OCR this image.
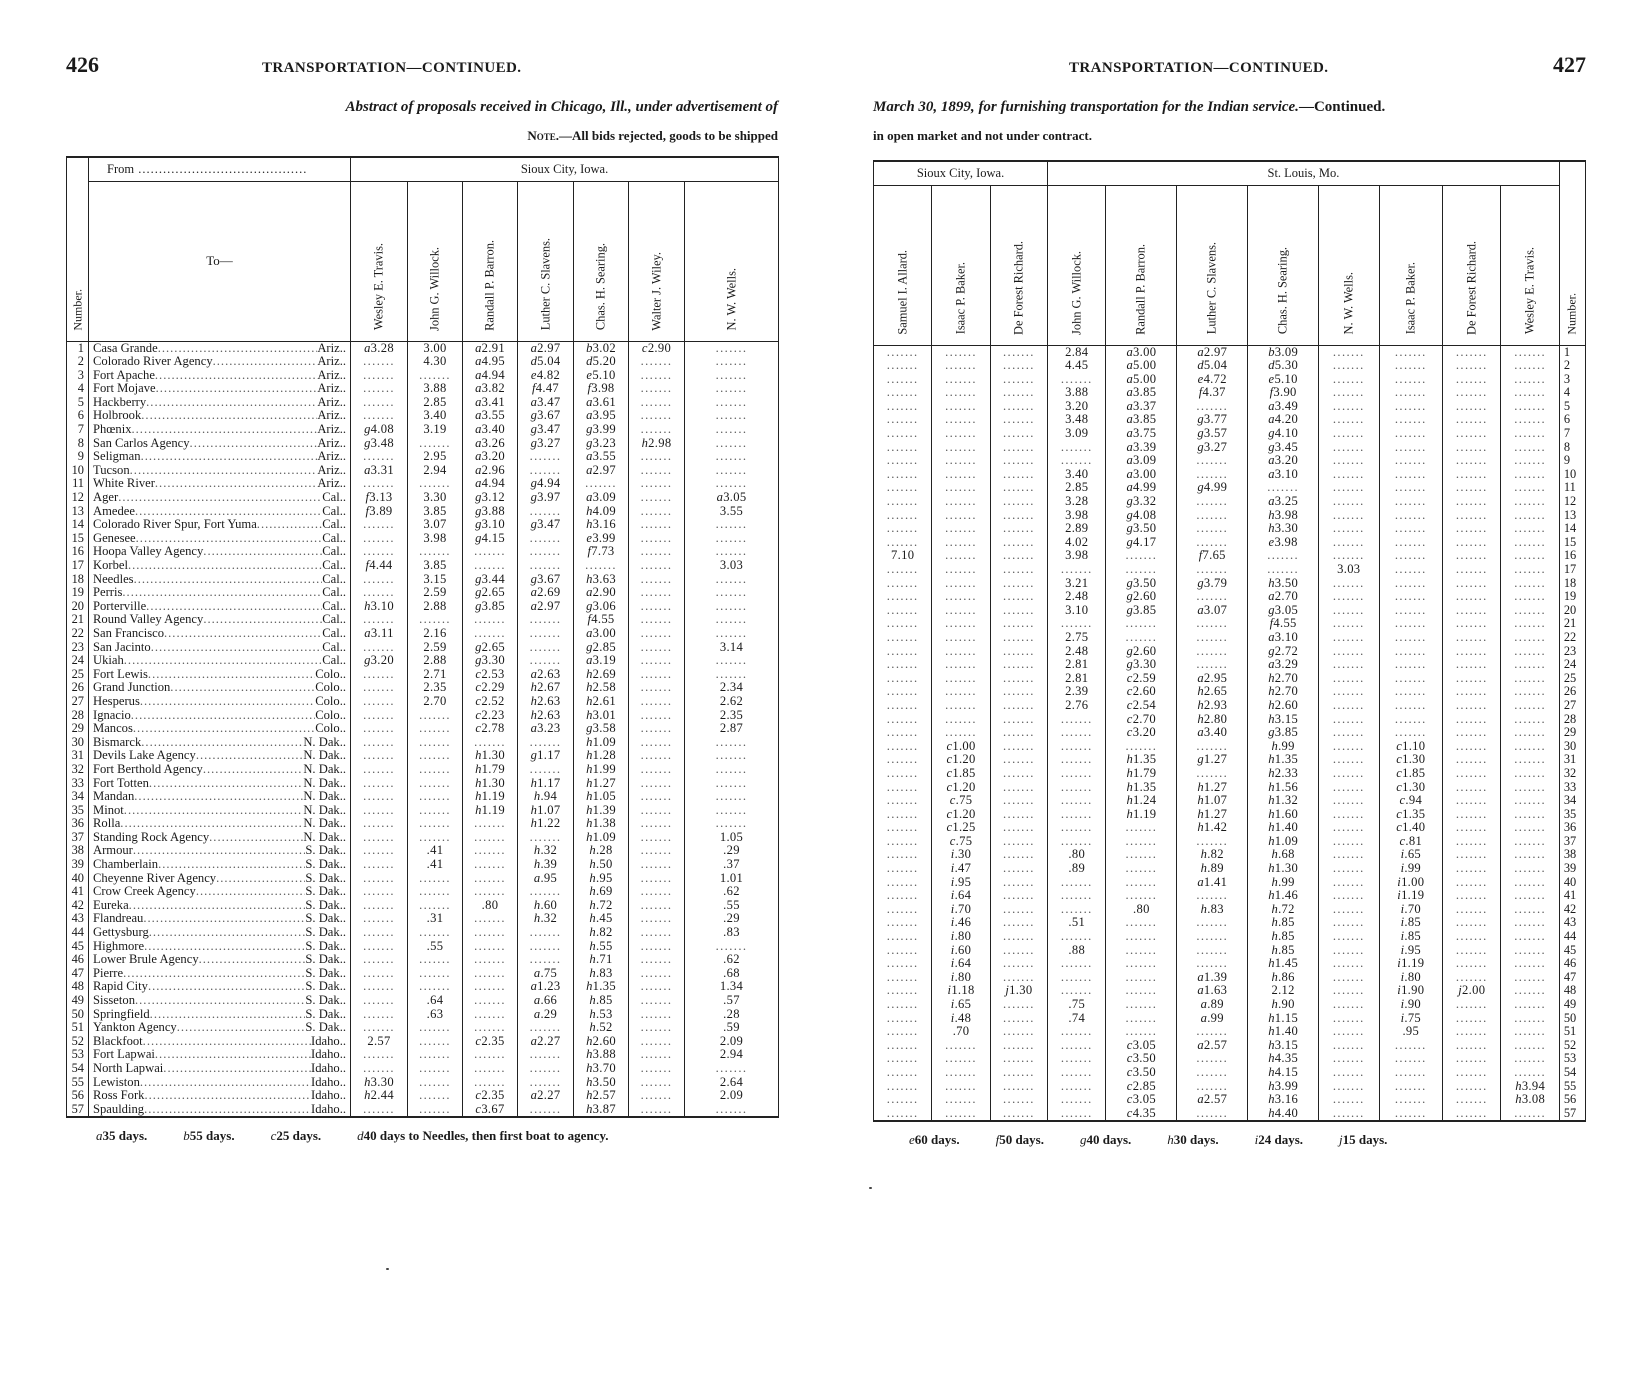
426	TRANSPORTATION—CONTINUED.
Abstract of proposals received in Chicago, Ill., under advertisement of
Note.—All bids rejected, goods to be shipped
Number.	From .........................................	Sioux City, Iowa.						
	To—	Wesley E. Travis.	John G. Willock.	Randall P. Barron.	Luther C. Slavens.	Chas. H. Searing.	Walter J. Wiley.	N. W. Wells.

1	Casa Grande ..... Ariz..	a3.28	3.00	a2.91	a2.97	b3.02	c2.90	.......
2	Colorado River Agency ..... Ariz..	.......	4.30	a4.95	d5.04	d5.20	.......	.......
3	Fort Apache ..... Ariz..	.......	.......	a4.94	e4.82	e5.10	.......	.......
4	Fort Mojave ..... Ariz..	.......	3.88	a3.82	f4.47	f3.98	.......	.......
5	Hackberry ..... Ariz..	.......	2.85	a3.41	a3.47	a3.61	.......	.......
6	Holbrook ..... Ariz..	.......	3.40	a3.55	g3.67	a3.95	.......	.......
7	Phœnix ..... Ariz..	g4.08	3.19	a3.40	g3.47	g3.99	.......	.......
8	San Carlos Agency ..... Ariz..	g3.48	.......	a3.26	g3.27	g3.23	h2.98	.......
9	Seligman ..... Ariz..	.......	2.95	a3.20	.......	a3.55	.......	.......
10	Tucson ..... Ariz..	a3.31	2.94	a2.96	.......	a2.97	.......	.......
11	White River ..... Ariz..	.......	.......	a4.94	g4.94	.......	.......	.......
12	Ager ..... Cal..	f3.13	3.30	g3.12	g3.97	a3.09	.......	a3.05
13	Amedee ..... Cal..	f3.89	3.85	g3.88	.......	h4.09	.......	3.55
14	Colorado River Spur, Fort Yuma ..... Cal..	.......	3.07	g3.10	g3.47	h3.16	.......	.......
15	Genesee ..... Cal..	.......	3.98	g4.15	.......	e3.99	.......	.......
16	Hoopa Valley Agency ..... Cal..	.......	.......	.......	.......	f7.73	.......	.......
17	Korbel ..... Cal..	f4.44	3.85	.......	.......	.......	.......	3.03
18	Needles ..... Cal..	.......	3.15	g3.44	g3.67	h3.63	.......	.......
19	Perris ..... Cal..	.......	2.59	g2.65	a2.69	a2.90	.......	.......
20	Porterville ..... Cal..	h3.10	2.88	g3.85	a2.97	g3.06	.......	.......
21	Round Valley Agency ..... Cal..	.......	.......	.......	.......	f4.55	.......	.......
22	San Francisco ..... Cal..	a3.11	2.16	.......	.......	a3.00	.......	.......
23	San Jacinto ..... Cal..	.......	2.59	g2.65	.......	g2.85	.......	3.14
24	Ukiah ..... Cal..	g3.20	2.88	g3.30	.......	a3.19	.......	.......
25	Fort Lewis ..... Colo..	.......	2.71	c2.53	a2.63	h2.69	.......	.......
26	Grand Junction ..... Colo..	.......	2.35	c2.29	h2.67	h2.58	.......	2.34
27	Hesperus ..... Colo..	.......	2.70	c2.52	h2.63	h2.61	.......	2.62
28	Ignacio ..... Colo..	.......	.......	c2.23	h2.63	h3.01	.......	2.35
29	Mancos ..... Colo..	.......	.......	c2.78	a3.23	g3.58	.......	2.87
30	Bismarck ..... N. Dak..	.......	.......	.......	.......	h1.09	.......	.......
31	Devils Lake Agency ..... N. Dak..	.......	.......	h1.30	g1.17	h1.28	.......	.......
32	Fort Berthold Agency ..... N. Dak..	.......	.......	h1.79	.......	h1.99	.......	.......
33	Fort Totten ..... N. Dak..	.......	.......	h1.30	h1.17	h1.27	.......	.......
34	Mandan ..... N. Dak..	.......	.......	h1.19	h.94	h1.05	.......	.......
35	Minot ..... N. Dak..	.......	.......	h1.19	h1.07	h1.39	.......	.......
36	Rolla ..... N. Dak..	.......	.......	.......	h1.22	h1.38	.......	.......
37	Standing Rock Agency ..... N. Dak..	.......	.......	.......	.......	h1.09	.......	1.05
38	Armour ..... S. Dak..	.......	.41	.......	h.32	h.28	.......	.29
39	Chamberlain ..... S. Dak..	.......	.41	.......	h.39	h.50	.......	.37
40	Cheyenne River Agency ..... S. Dak..	.......	.......	.......	a.95	h.95	.......	1.01
41	Crow Creek Agency ..... S. Dak..	.......	.......	.......	.......	h.69	.......	.62
42	Eureka ..... S. Dak..	.......	.......	.80	h.60	h.72	.......	.55
43	Flandreau ..... S. Dak..	.......	.31	.......	h.32	h.45	.......	.29
44	Gettysburg ..... S. Dak..	.......	.......	.......	.......	h.82	.......	.83
45	Highmore ..... S. Dak..	.......	.55	.......	.......	h.55	.......	.......
46	Lower Brule Agency ..... S. Dak..	.......	.......	.......	.......	h.71	.......	.62
47	Pierre ..... S. Dak..	.......	.......	.......	a.75	h.83	.......	.68
48	Rapid City ..... S. Dak..	.......	.......	.......	a1.23	h1.35	.......	1.34
49	Sisseton ..... S. Dak..	.......	.64	.......	a.66	h.85	.......	.57
50	Springfield ..... S. Dak..	.......	.63	.......	a.29	h.53	.......	.28
51	Yankton Agency ..... S. Dak..	.......	.......	.......	.......	h.52	.......	.59
52	Blackfoot ..... Idaho..	2.57	.......	c2.35	a2.27	h2.60	.......	2.09
53	Fort Lapwai ..... Idaho..	.......	.......	.......	.......	h3.88	.......	2.94
54	North Lapwai ..... Idaho..	.......	.......	.......	.......	h3.70	.......	.......
55	Lewiston ..... Idaho..	h3.30	.......	.......	.......	h3.50	.......	2.64
56	Ross Fork ..... Idaho..	h2.44	.......	c2.35	a2.27	h2.57	.......	2.09
57	Spaulding ..... Idaho..	.......	.......	c3.67	.......	h3.87	.......	.......
a35 days.	b55 days.	c25 days.	d40 days to Needles, then first boat to agency.
TRANSPORTATION—CONTINUED.	427
March 30, 1899, for furnishing transportation for the Indian service.—Continued.
in open market and not under contract.
Sioux City, Iowa.			St. Louis, Mo.								Number.

Samuel I. Allard.	Isaac P. Baker.	De Forest Richard.	John G. Willock.	Randall P. Barron.	Luther C. Slavens.	Chas. H. Searing.	N. W. Wells.	Isaac P. Baker.	De Forest Richard.	Wesley E. Travis.	

.......	.......	.......	2.84	a3.00	a2.97	b3.09	.......	.......	.......	.......	1
.......	.......	.......	4.45	a5.00	d5.04	d5.30	.......	.......	.......	.......	2
.......	.......	.......	.......	a5.00	e4.72	e5.10	.......	.......	.......	.......	3
.......	.......	.......	3.88	a3.85	f4.37	f3.90	.......	.......	.......	.......	4
.......	.......	.......	3.20	a3.37	.......	a3.49	.......	.......	.......	.......	5
.......	.......	.......	3.48	a3.85	g3.77	a4.20	.......	.......	.......	.......	6
.......	.......	.......	3.09	a3.75	g3.57	g4.10	.......	.......	.......	.......	7
.......	.......	.......	.......	a3.39	g3.27	g3.45	.......	.......	.......	.......	8
.......	.......	.......	.......	a3.09	.......	a3.20	.......	.......	.......	.......	9
.......	.......	.......	3.40	a3.00	.......	a3.10	.......	.......	.......	.......	10
.......	.......	.......	2.85	a4.99	g4.99	.......	.......	.......	.......	.......	11
.......	.......	.......	3.28	g3.32	.......	a3.25	.......	.......	.......	.......	12
.......	.......	.......	3.98	g4.08	.......	h3.98	.......	.......	.......	.......	13
.......	.......	.......	2.89	g3.50	.......	h3.30	.......	.......	.......	.......	14
.......	.......	.......	4.02	g4.17	.......	e3.98	.......	.......	.......	.......	15
7.10	.......	.......	3.98	.......	f7.65	.......	.......	.......	.......	.......	16
.......	.......	.......	.......	.......	.......	.......	3.03	.......	.......	.......	17
.......	.......	.......	3.21	g3.50	g3.79	h3.50	.......	.......	.......	.......	18
.......	.......	.......	2.48	g2.60	.......	a2.70	.......	.......	.......	.......	19
.......	.......	.......	3.10	g3.85	a3.07	g3.05	.......	.......	.......	.......	20
.......	.......	.......	.......	.......	.......	f4.55	.......	.......	.......	.......	21
.......	.......	.......	2.75	.......	.......	a3.10	.......	.......	.......	.......	22
.......	.......	.......	2.48	g2.60	.......	g2.72	.......	.......	.......	.......	23
.......	.......	.......	2.81	g3.30	.......	a3.29	.......	.......	.......	.......	24
.......	.......	.......	2.81	c2.59	a2.95	h2.70	.......	.......	.......	.......	25
.......	.......	.......	2.39	c2.60	h2.65	h2.70	.......	.......	.......	.......	26
.......	.......	.......	2.76	c2.54	h2.93	h2.60	.......	.......	.......	.......	27
.......	.......	.......	.......	c2.70	h2.80	h3.15	.......	.......	.......	.......	28
.......	.......	.......	.......	c3.20	a3.40	g3.85	.......	.......	.......	.......	29
.......	c1.00	.......	.......	.......	.......	h.99	.......	c1.10	.......	.......	30
.......	c1.20	.......	.......	h1.35	g1.27	h1.35	.......	c1.30	.......	.......	31
.......	c1.85	.......	.......	h1.79	.......	h2.33	.......	c1.85	.......	.......	32
.......	c1.20	.......	.......	h1.35	h1.27	h1.56	.......	c1.30	.......	.......	33
.......	c.75	.......	.......	h1.24	h1.07	h1.32	.......	c.94	.......	.......	34
.......	c1.20	.......	.......	h1.19	h1.27	h1.60	.......	c1.35	.......	.......	35
.......	c1.25	.......	.......	.......	h1.42	h1.40	.......	c1.40	.......	.......	36
.......	c.75	.......	.......	.......	.......	h1.09	.......	c.81	.......	.......	37
.......	i.30	.......	.80	.......	h.82	h.68	.......	i.65	.......	.......	38
.......	i.47	.......	.89	.......	h.89	h1.30	.......	i.99	.......	.......	39
.......	i.95	.......	.......	.......	a1.41	h.99	.......	i1.00	.......	.......	40
.......	i.64	.......	.......	.......	.......	h1.46	.......	i1.19	.......	.......	41
.......	i.70	.......	.......	.80	h.83	h.72	.......	i.70	.......	.......	42
.......	i.46	.......	.51	.......	.......	h.85	.......	i.85	.......	.......	43
.......	i.80	.......	.......	.......	.......	h.85	.......	i.85	.......	.......	44
.......	i.60	.......	.88	.......	.......	h.85	.......	i.95	.......	.......	45
.......	i.64	.......	.......	.......	.......	h1.45	.......	i1.19	.......	.......	46
.......	i.80	.......	.......	.......	a1.39	h.86	.......	i.80	.......	.......	47
.......	i1.18	j1.30	.......	.......	a1.63	2.12	.......	i1.90	j2.00	.......	48
.......	i.65	.......	.75	.......	a.89	h.90	.......	i.90	.......	.......	49
.......	i.48	.......	.74	.......	a.99	h1.15	.......	i.75	.......	.......	50
.......	.70	.......	.......	.......	.......	h1.40	.......	.95	.......	.......	51
.......	.......	.......	.......	c3.05	a2.57	h3.15	.......	.......	.......	.......	52
.......	.......	.......	.......	c3.50	.......	h4.35	.......	.......	.......	.......	53
.......	.......	.......	.......	c3.50	.......	h4.15	.......	.......	.......	.......	54
.......	.......	.......	.......	c2.85	.......	h3.99	.......	.......	.......	h3.94	55
.......	.......	.......	.......	c3.05	a2.57	h3.16	.......	.......	.......	h3.08	56
.......	.......	.......	.......	c4.35	.......	h4.40	.......	.......	.......	.......	57
e60 days.	f50 days.	g40 days.	h30 days.	i24 days.	j15 days.
